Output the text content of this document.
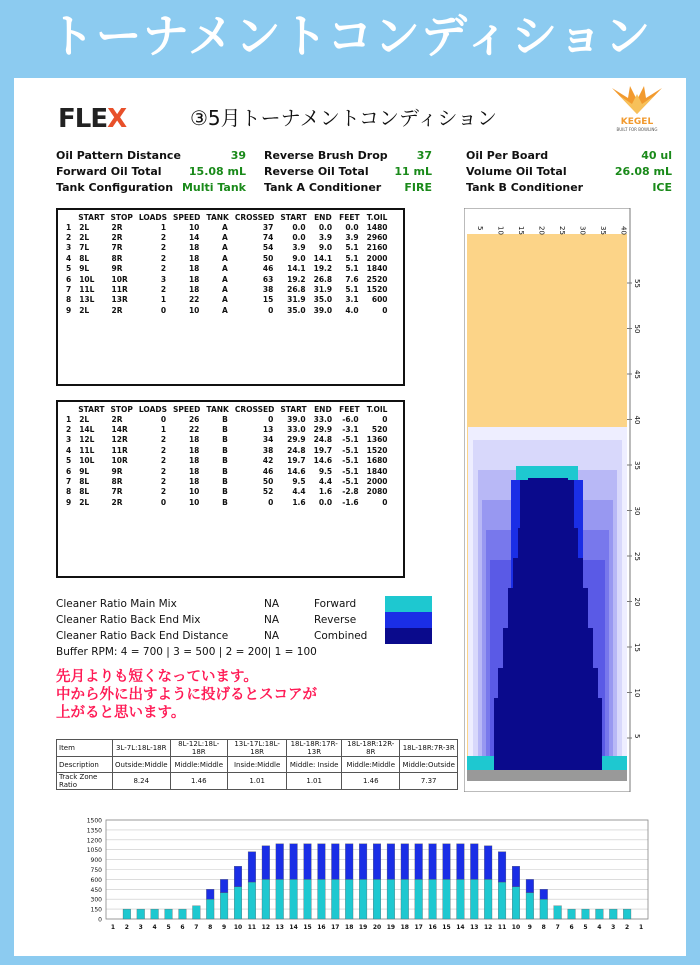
トーナメントコンディション
FLEX	③5月トーナメントコンディション	KEGEL
BUILT FOR BOWLING
Oil Pattern Distance	39 Reverse Brush Drop	37	Oil Per Board	40 ul
Forward Oil Total 15.08 mL Reverse Oil Total 11 mL	Volume Oil Total	26.08 mL
Tank Configuration Multi Tank Tank A Conditioner FIRE	Tank B Conditioner	ICE
	START	STOP	LOADS	SPEED	TANK	CROSSED	START	END	FEET	T.OIL
1	2L	2R	1	10	A	37	0.0	0.0	0.0	1480
2	2L	2R	2	14	A	74	0.0	3.9	3.9	2960
3	7L	7R	2	18	A	54	3.9	9.0	5.1	2160
4	8L	8R	2	18	A	50	9.0	14.1	5.1	2000
5	9L	9R	2	18	A	46	14.1	19.2	5.1	1840
6	10L	10R	3	18	A	63	19.2	26.8	7.6	2520
7	11L	11R	2	18	A	38	26.8	31.9	5.1	1520
8	13L	13R	1	22	A	15	31.9	35.0	3.1	600
9	2L	2R	0	10	A	0	35.0	39.0	4.0	0
	START	STOP	LOADS	SPEED	TANK	CROSSED	START	END	FEET	T.OIL
1	2L	2R	0	26	B	0	39.0	33.0	-6.0	0
2	14L	14R	1	22	B	13	33.0	29.9	-3.1	520
3	12L	12R	2	18	B	34	29.9	24.8	-5.1	1360
4	11L	11R	2	18	B	38	24.8	19.7	-5.1	1520
5	10L	10R	2	18	B	42	19.7	14.6	-5.1	1680
6	9L	9R	2	18	B	46	14.6	9.5	-5.1	1840
7	8L	8R	2	18	B	50	9.5	4.4	-5.1	2000
8	8L	7R	2	10	B	52	4.4	1.6	-2.8	2080
9	2L	2R	0	10	B	0	1.6	0.0	-1.6	0
Cleaner Ratio Main Mix	NA	Forward
Cleaner Ratio Back End Mix	NA	Reverse
Cleaner Ratio Back End Distance	NA	Combined
Buffer RPM: 4 = 700 | 3 = 500 | 2 = 200| 1 = 100
先月よりも短くなっています。
中から外に出すように投げるとスコアが
上がると思います。
Item	3L-7L:18L-18R	8L-12L:18L-18R	13L-17L:18L-18R	18L-18R:17R-13R	18L-18R:12R-8R	18L-18R:7R-3R
Description	Outside:Middle	Middle:Middle	Inside:Middle	Middle: Inside	Middle:Middle	Middle:Outside
Track Zone Ratio	8.24	1.46	1.01	1.01	1.46	7.37
5 10 15 20 25 30 35 40
5
10
15
20
25
30
35
40
45
50
55
0
150
300
450
600
750
900
1050
1200
1350
1500
1 2 3 4 5 6 7 8 9 10 11 12 13 14 15 16 17 18 19 20 19 18 17 16 15 14 13 12 11 10 9 8 7 6 5 4 3 2 1
